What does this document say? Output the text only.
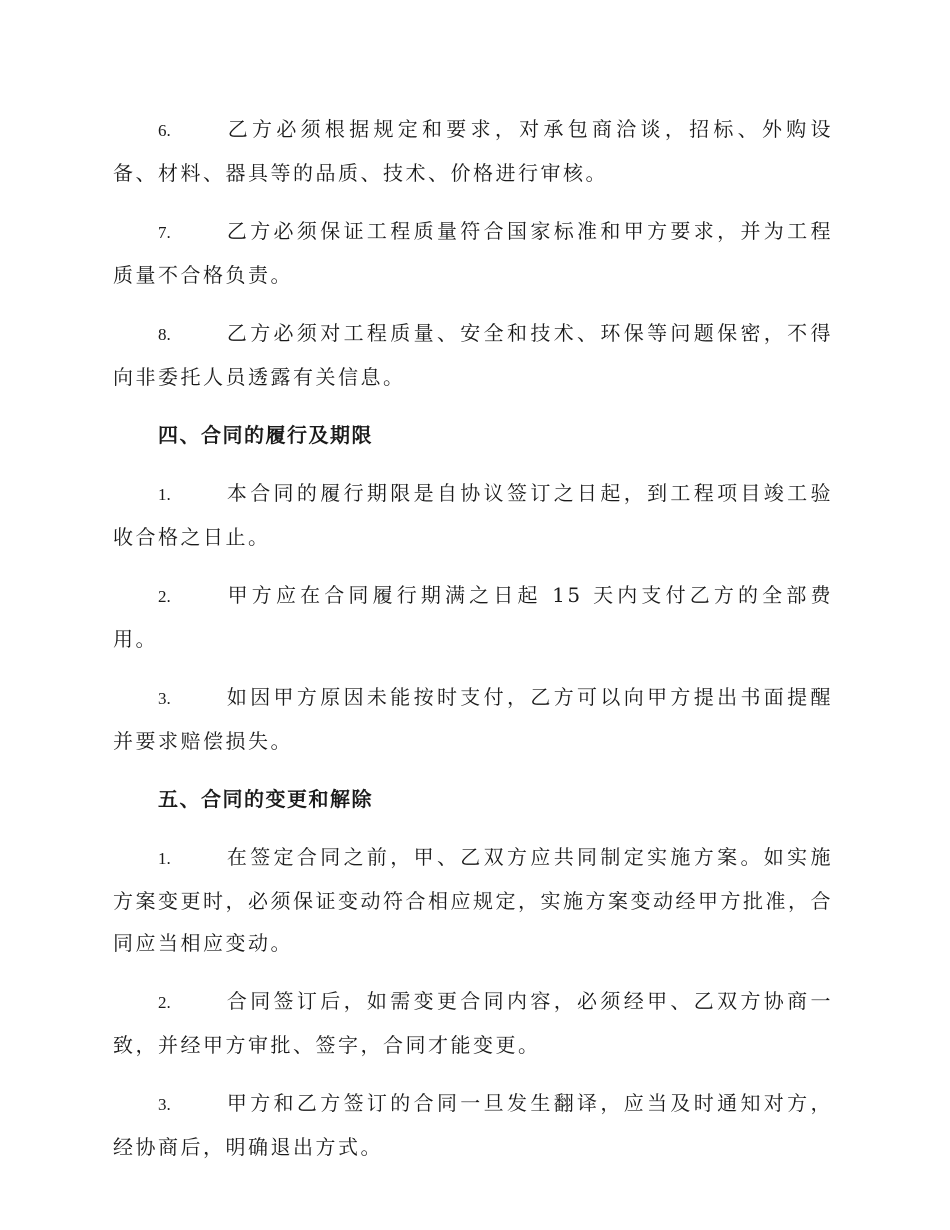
6.	乙方必须根据规定和要求，对承包商洽谈，招标、外购设备、材料、器具等的品质、技术、价格进行审核。

7.	乙方必须保证工程质量符合国家标准和甲方要求，并为工程质量不合格负责。

8.	乙方必须对工程质量、安全和技术、环保等问题保密，不得向非委托人员透露有关信息。

四、合同的履行及期限

1.	本合同的履行期限是自协议签订之日起，到工程项目竣工验收合格之日止。

2.	甲方应在合同履行期满之日起 15 天内支付乙方的全部费用。

3.	如因甲方原因未能按时支付，乙方可以向甲方提出书面提醒并要求赔偿损失。

五、合同的变更和解除

1.	在签定合同之前，甲、乙双方应共同制定实施方案。如实施方案变更时，必须保证变动符合相应规定，实施方案变动经甲方批准，合同应当相应变动。

2.	合同签订后，如需变更合同内容，必须经甲、乙双方协商一致，并经甲方审批、签字，合同才能变更。

3.	甲方和乙方签订的合同一旦发生翻译，应当及时通知对方，经协商后，明确退出方式。
